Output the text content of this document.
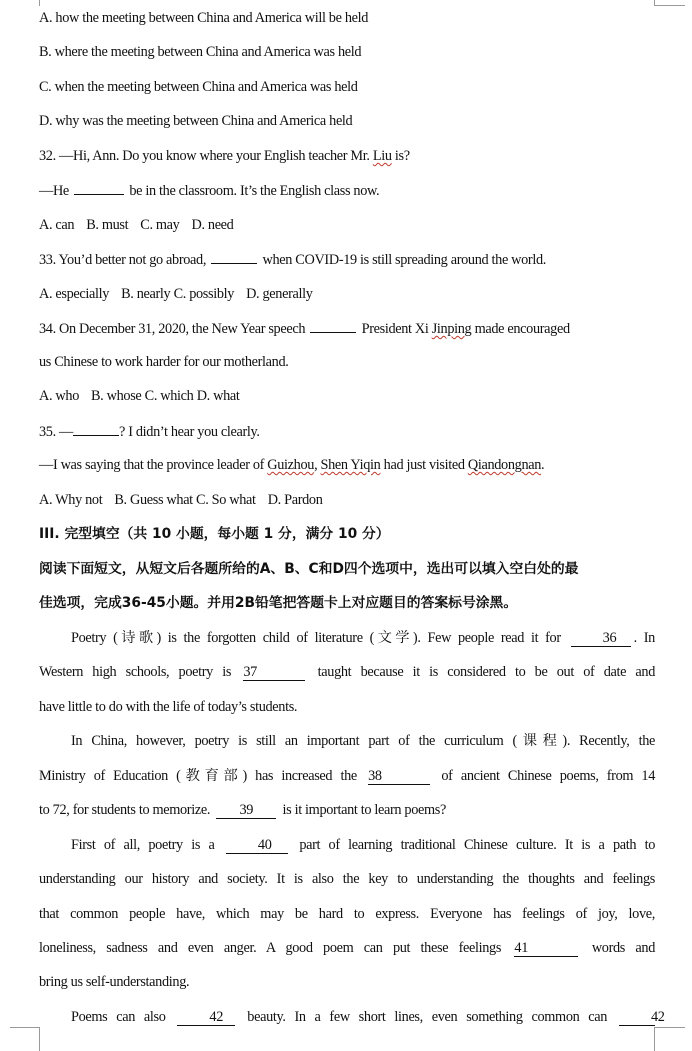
A. how the meeting between China and America will be held
B. where the meeting between China and America was held
C. when the meeting between China and America was held
D. why was the meeting between China and America held
32. —Hi, Ann. Do you know where your English teacher Mr. Liu is?
—He	be in the classroom. It’s the English class now.
A. can B. must C. may D. need
33. You’d better not go abroad,	when COVID-19 is still spreading around the world.
A. especially B. nearly C. possibly D. generally
34. On December 31, 2020, the New Year speech	President Xi Jinping made encouraged
us Chinese to work harder for our motherland.
A. who B. whose C. which D. what
35. —	? I didn’t hear you clearly.
—I was saying that the province leader of Guizhou, Shen Yiqin had just visited Qiandongnan.
A. Why not B. Guess what C. So what D. Pardon
III. 完型填空（共 10 小题，每小题 1 分，满分 10 分）
阅读下面短文，从短文后各题所给的A、B、C和D四个选项中，选出可以填入空白处的最
佳选项，完成36-45小题。并用2B铅笔把答题卡上对应题目的答案标号涂黑。
Poetry (诗歌) is the forgotten child of literature (文学). Few people read it for	36 . In
Western high schools, poetry is 37	taught because it is considered to be out of date and
have little to do with the life of today’s students.
In China, however, poetry is still an important part of the curriculum (课程). Recently, the
Ministry of Education (教育部) has increased the 38	of ancient Chinese poems, from 14
to 72, for students to memorize. 39 is it important to learn poems?
First of all, poetry is a	40 part of learning traditional Chinese culture. It is a path to
understanding our history and society. It is also the key to understanding the thoughts and feelings
that common people have, which may be hard to express. Everyone has feelings of joy, love,
loneliness, sadness and even anger. A good poem can put these feelings 41	words and
bring us self-understanding.
Poems can also	42 beauty. In a few short lines, even something common can	42
